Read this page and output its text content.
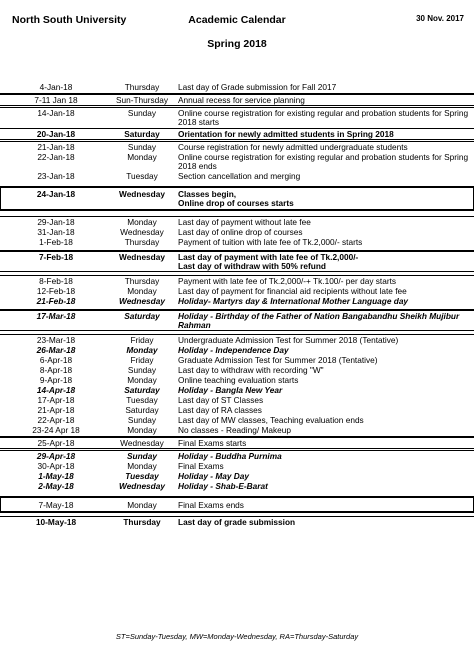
Academic Calendar
North South University	30 Nov. 2017
Spring 2018
4-Jan-18	Thursday	Last day of Grade submission for Fall 2017
7-11 Jan 18	Sun-Thursday	Annual recess for service planning
14-Jan-18	Sunday	Online course registration for existing regular and probation students for Spring 2018 starts
20-Jan-18	Saturday	Orientation for newly admitted students in Spring 2018
21-Jan-18	Sunday	Course registration for newly admitted undergraduate students
22-Jan-18	Monday	Online course registration for existing regular and probation students for Spring 2018 ends
23-Jan-18	Tuesday	Section cancellation and merging
24-Jan-18	Wednesday	Classes begin,
Online drop of courses starts
29-Jan-18	Monday	Last day of payment without late fee
31-Jan-18	Wednesday	Last day of online drop of courses
1-Feb-18	Thursday	Payment of tuition with late fee of Tk.2,000/- starts
7-Feb-18	Wednesday	Last day of payment with late fee of Tk.2,000/-
Last day of withdraw with 50% refund
8-Feb-18	Thursday	Payment with late fee of Tk.2,000/-+ Tk.100/- per day starts
12-Feb-18	Monday	Last day of payment for financial aid recipients without late fee
21-Feb-18	Wednesday	Holiday- Martyrs day & International Mother Language day
17-Mar-18	Saturday	Holiday - Birthday of the Father of Nation Bangabandhu Sheikh Mujibur Rahman
23-Mar-18	Friday	Undergraduate Admission Test for Summer 2018 (Tentative)
26-Mar-18	Monday	Holiday - Independence Day
6-Apr-18	Friday	Graduate Admission Test for Summer 2018 (Tentative)
8-Apr-18	Sunday	Last day to withdraw with recording "W"
9-Apr-18	Monday	Online teaching evaluation starts
14-Apr-18	Saturday	Holiday - Bangla New Year
17-Apr-18	Tuesday	Last day of ST Classes
21-Apr-18	Saturday	Last day of RA classes
22-Apr-18	Sunday	Last day of MW classes, Teaching evaluation ends
23-24 Apr 18	Monday	No classes - Reading/ Makeup
25-Apr-18	Wednesday	Final Exams starts
29-Apr-18	Sunday	Holiday - Buddha Purnima
30-Apr-18	Monday	Final Exams
1-May-18	Tuesday	Holiday - May Day
2-May-18	Wednesday	Holiday - Shab-E-Barat
7-May-18	Monday	Final Exams ends
10-May-18	Thursday	Last day of grade submission
ST=Sunday-Tuesday, MW=Monday-Wednesday, RA=Thursday-Saturday
